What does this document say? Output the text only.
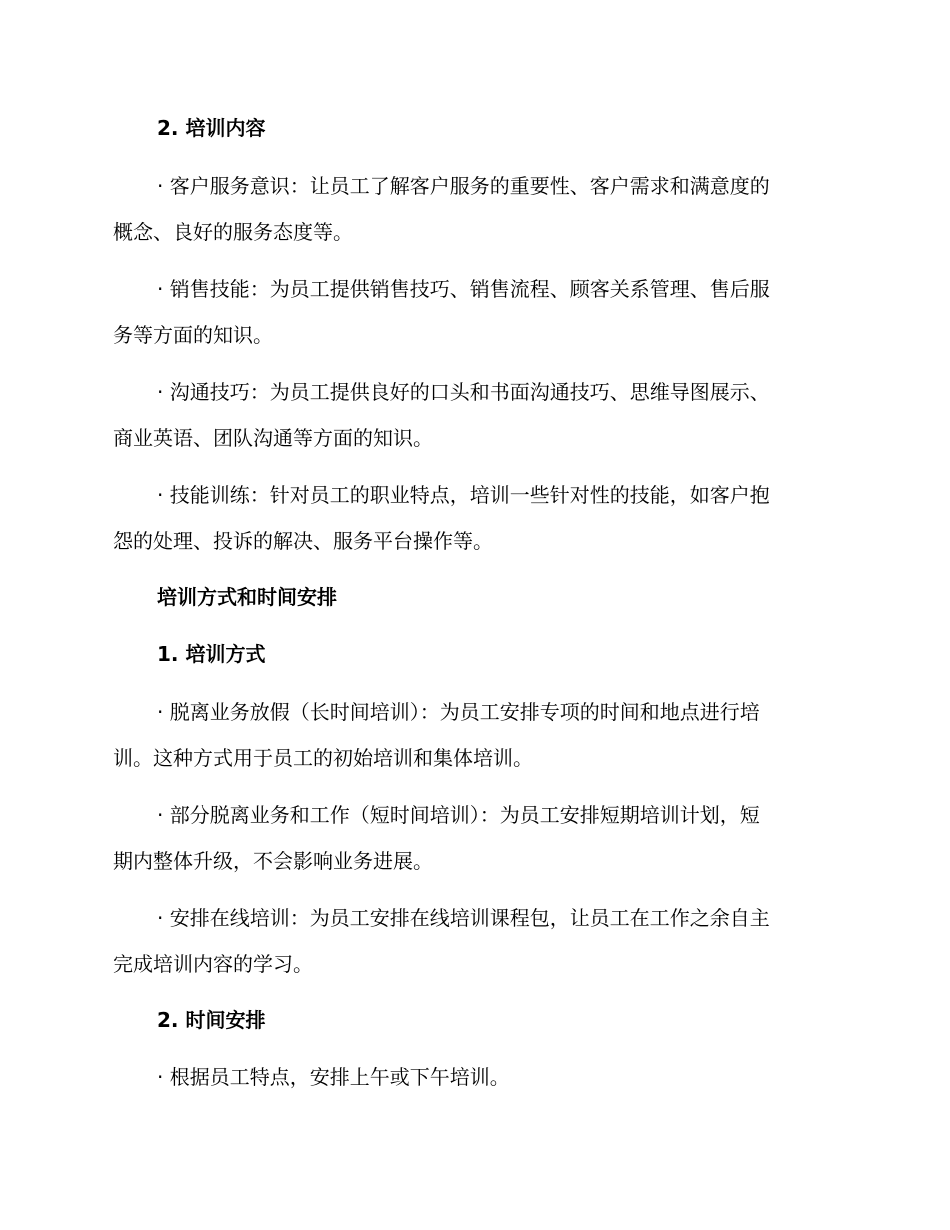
2. 培训内容
· 客户服务意识：让员工了解客户服务的重要性、客户需求和满意度的
概念、良好的服务态度等。
· 销售技能：为员工提供销售技巧、销售流程、顾客关系管理、售后服
务等方面的知识。
· 沟通技巧：为员工提供良好的口头和书面沟通技巧、思维导图展示、
商业英语、团队沟通等方面的知识。
· 技能训练：针对员工的职业特点，培训一些针对性的技能，如客户抱
怨的处理、投诉的解决、服务平台操作等。
培训方式和时间安排
1. 培训方式
· 脱离业务放假（长时间培训）：为员工安排专项的时间和地点进行培
训。这种方式用于员工的初始培训和集体培训。
· 部分脱离业务和工作（短时间培训）：为员工安排短期培训计划，短
期内整体升级，不会影响业务进展。
· 安排在线培训：为员工安排在线培训课程包，让员工在工作之余自主
完成培训内容的学习。
2. 时间安排
· 根据员工特点，安排上午或下午培训。
